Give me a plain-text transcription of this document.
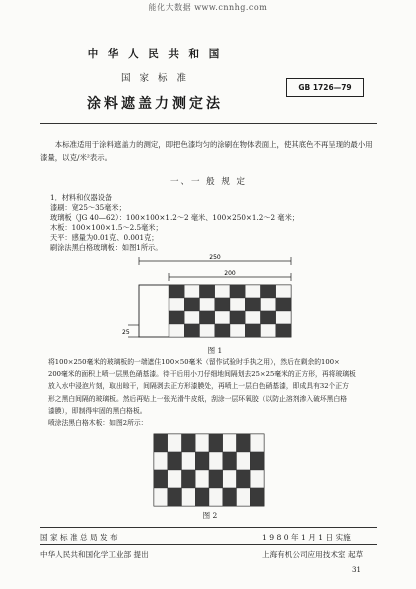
能化大数据 www.cnnhg.com
中 华 人 民 共 和 国
国 家 标 准
涂料遮盖力测定法
GB 1726—79
本标准适用于涂料遮盖力的测定，即把色漆均匀的涂刷在物体表面上，使其底色不再呈现的最小用漆量，以克/米²表示。
一、一 般 规 定
1．材料和仪器设备
漆刷：宽25～35毫米；
玻璃板（JG 40—62）：100×100×1.2～2 毫米、100×250×1.2～2 毫米；
木板：100×100×1.5～2.5毫米；
天平：感量为0.01克、0.001克；
刷涂法黑白格玻璃板：如图1所示。
250
200
25
图 1
将100×250毫米的玻璃板的一端遮住100×50毫米（留作试验时手执之用），然后在剩余的100×
200毫米的面积上喷一层黑色硝基漆。待干后用小刀仔细地间隔划去25×25毫米的正方形，再将玻璃板
放入水中浸泡片刻，取出晾干，间隔剥去正方形漆膜处，再喷上一层白色硝基漆，即成具有32个正方
形之黑白间隔的玻璃板。然后再贴上一张光滑牛皮纸，刮涂一层环氧胶（以防止溶剂渗入破坏黑白格
漆膜），即制得牢固的黑白格板。
喷涂法黑白格木板：如图2所示：
图 2
国 家 标 准 总 局 发 布	1 9 8 0 年 1 月 1 日 实施
中华人民共和国化学工业部 提出	上海有机公司应用技术室 起草
31
